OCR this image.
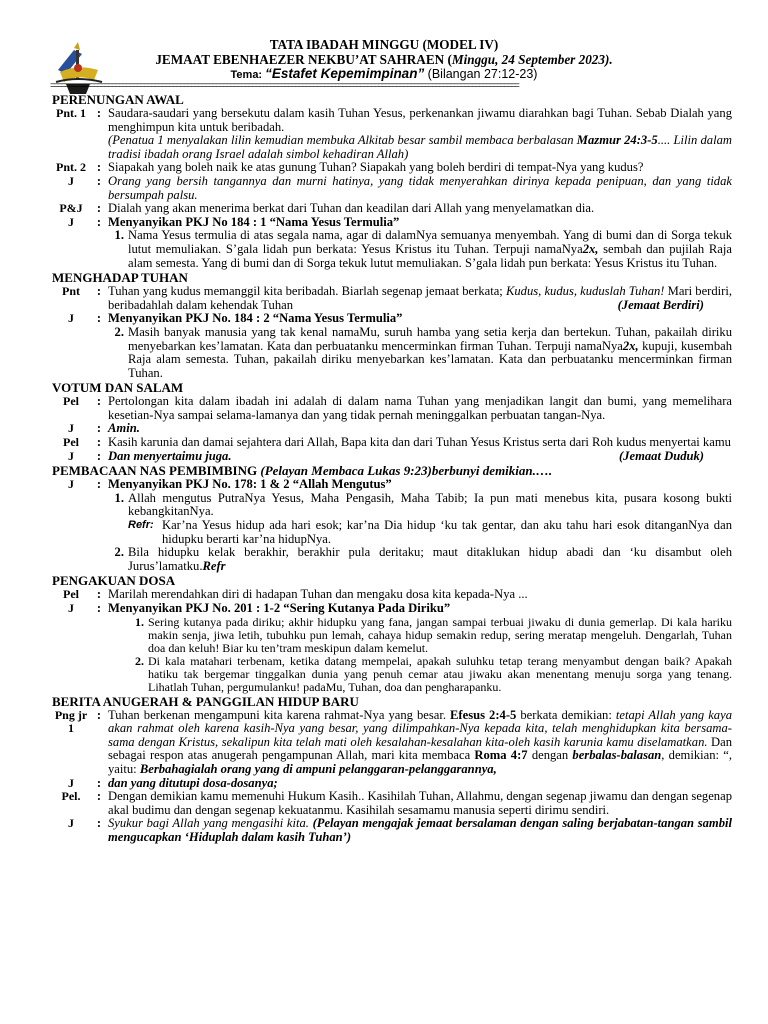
TATA IBADAH MINGGU (MODEL IV)
JEMAAT EBENHAEZER NEKBU’AT SAHRAEN (Minggu, 24 September 2023).
Tema: “Estafet Kepemimpinan” (Bilangan 27:12-23)
==================================================================================================================================
PERENUNGAN AWAL
Pnt. 1 : Saudara-saudari yang bersekutu dalam kasih Tuhan Yesus, perkenankan jiwamu diarahkan bagi Tuhan. Sebab Dialah yang menghimpun kita untuk beribadah.
(Penatua 1 menyalakan lilin kemudian membuka Alkitab besar sambil membaca berbalasan Mazmur 24:3-5.... Lilin dalam tradisi ibadah orang Israel adalah simbol kehadiran Allah)
Pnt. 2 : Siapakah yang boleh naik ke atas gunung Tuhan? Siapakah yang boleh berdiri di tempat-Nya yang kudus?
J	: Orang yang bersih tangannya dan murni hatinya, yang tidak menyerahkan dirinya kepada penipuan, dan yang tidak bersumpah palsu.
P&J	: Dialah yang akan menerima berkat dari Tuhan dan keadilan dari Allah yang menyelamatkan dia.
J	: Menyanyikan PKJ No 184 : 1 “Nama Yesus Termulia”
1. Nama Yesus termulia di atas segala nama, agar di dalamNya semuanya menyembah. Yang di bumi dan di Sorga tekuk lutut memuliakan. S’gala lidah pun berkata: Yesus Kristus itu Tuhan. Terpuji namaNya2x, sembah dan pujilah Raja alam semesta. Yang di bumi dan di Sorga tekuk lutut memuliakan. S’gala lidah pun berkata: Yesus Kristus itu Tuhan.
MENGHADAP TUHAN
Pnt	: Tuhan yang kudus memanggil kita beribadah. Biarlah segenap jemaat berkata; Kudus, kudus, kuduslah Tuhan! Mari berdiri, beribadahlah dalam kehendak Tuhan	(Jemaat Berdiri)
J	: Menyanyikan PKJ No. 184 : 2 “Nama Yesus Termulia”
2. Masih banyak manusia yang tak kenal namaMu, suruh hamba yang setia kerja dan bertekun. Tuhan, pakailah diriku menyebarkan kes’lamatan. Kata dan perbuatanku mencerminkan firman Tuhan. Terpuji namaNya2x, kupuji, kusembah Raja alam semesta. Tuhan, pakailah diriku menyebarkan kes’lamatan. Kata dan perbuatanku mencerminkan firman Tuhan.
VOTUM DAN SALAM
Pel	: Pertolongan kita dalam ibadah ini adalah di dalam nama Tuhan yang menjadikan langit dan bumi, yang memelihara kesetian-Nya sampai selama-lamanya dan yang tidak pernah meninggalkan perbuatan tangan-Nya.
J	: Amin.
Pel	: Kasih karunia dan damai sejahtera dari Allah, Bapa kita dan dari Tuhan Yesus Kristus serta dari Roh kudus menyertai kamu
J	: Dan menyertaimu juga.	(Jemaat Duduk)
PEMBACAAN NAS PEMBIMBING (Pelayan Membaca Lukas 9:23)berbunyi demikian.….
J	: Menyanyikan PKJ No. 178: 1 & 2 “Allah Mengutus”
1. Allah mengutus PutraNya Yesus, Maha Pengasih, Maha Tabib; Ia pun mati menebus kita, pusara kosong bukti kebangkitanNya.
Refr: Kar’na Yesus hidup ada hari esok; kar’na Dia hidup ‘ku tak gentar, dan aku tahu hari esok ditanganNya dan hidupku berarti kar’na hidupNya.
2. Bila hidupku kelak berakhir, berakhir pula deritaku; maut ditaklukan hidup abadi dan ‘ku disambut oleh Jurus’lamatku.Refr
PENGAKUAN DOSA
Pel	: Marilah merendahkan diri di hadapan Tuhan dan mengaku dosa kita kepada-Nya ...
J	: Menyanyikan PKJ No. 201 : 1-2 “Sering Kutanya Pada Diriku”
1. Sering kutanya pada diriku; akhir hidupku yang fana, jangan sampai terbuai jiwaku di dunia gemerlap. Di kala hariku makin senja, jiwa letih, tubuhku pun lemah, cahaya hidup semakin redup, sering meratap mengeluh. Dengarlah, Tuhan doa dan keluh! Biar ku ten’tram meskipun dalam kemelut.
2. Di kala matahari terbenam, ketika datang mempelai, apakah suluhku tetap terang menyambut dengan baik? Apakah hatiku tak bergemar tinggalkan dunia yang penuh cemar atau jiwaku akan menentang menuju sorga yang tenang. Lihatlah Tuhan, pergumulanku! padaMu, Tuhan, doa dan pengharapanku.
BERITA ANUGERAH & PANGGILAN HIDUP BARU
Png jr 1
: Tuhan berkenan mengampuni kita karena rahmat-Nya yang besar. Efesus 2:4-5 berkata demikian: tetapi Allah yang kaya akan rahmat oleh karena kasih-Nya yang besar, yang dilimpahkan-Nya kepada kita, telah menghidupkan kita bersama-sama dengan Kristus, sekalipun kita telah mati oleh kesalahan-kesalahan kita-oleh kasih karunia kamu diselamatkan. Dan sebagai respon atas anugerah pengampunan Allah, mari kita membaca Roma 4:7 dengan berbalas-balasan, demikian: “, yaitu: Berbahagialah orang yang di ampuni pelanggaran-pelanggarannya,
J	: dan yang ditutupi dosa-dosanya;
Pel.	: Dengan demikian kamu memenuhi Hukum Kasih.. Kasihilah Tuhan, Allahmu, dengan segenap jiwamu dan dengan segenap akal budimu dan dengan segenap kekuatanmu. Kasihilah sesamamu manusia seperti dirimu sendiri.
J	: Syukur bagi Allah yang mengasihi kita. (Pelayan mengajak jemaat bersalaman dengan saling berjabatan-tangan sambil mengucapkan ‘Hiduplah dalam kasih Tuhan’)
